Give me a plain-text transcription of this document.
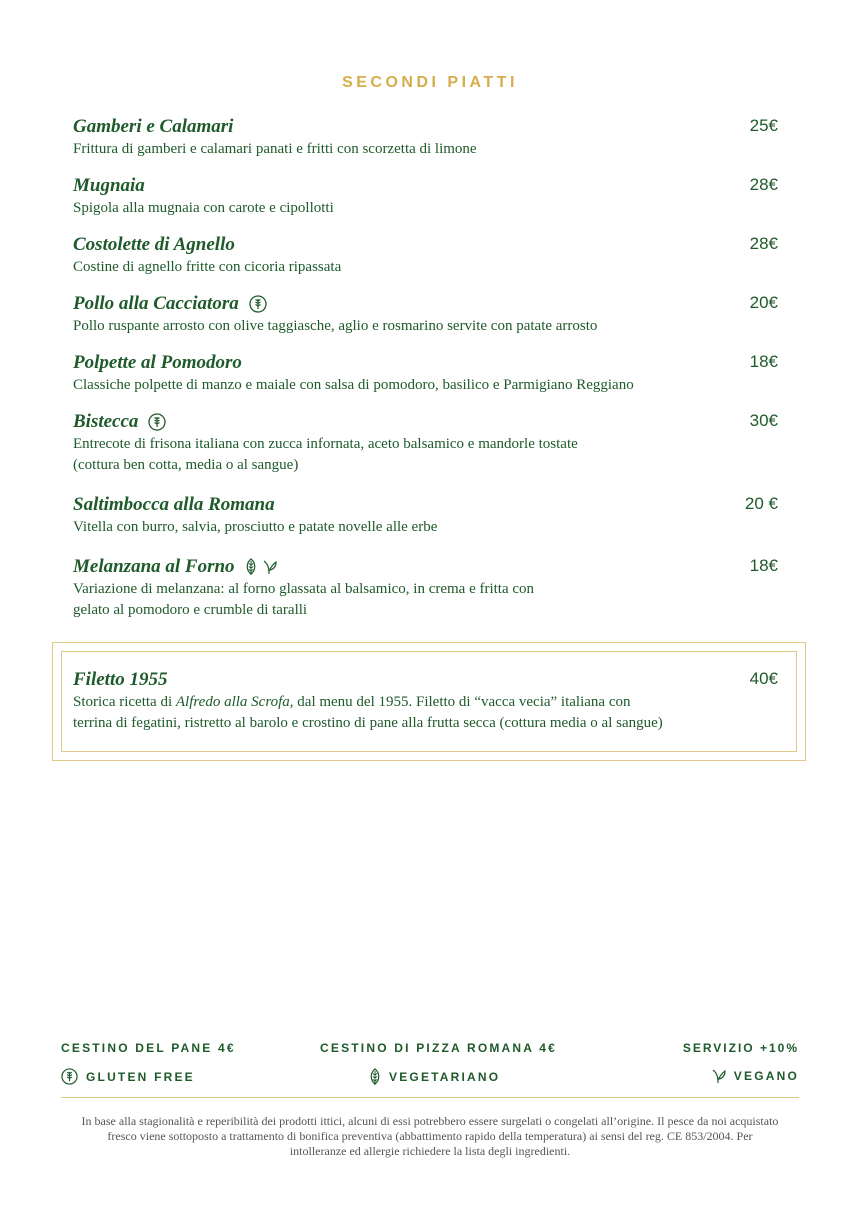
SECONDI PIATTI
Gamberi e Calamari	25€
Frittura di gamberi e calamari panati e fritti con scorzetta di limone
Mugnaia	28€
Spigola alla mugnaia con carote e cipollotti
Costolette di Agnello	28€
Costine di agnello fritte con cicoria ripassata
Pollo alla Cacciatora	20€
Pollo ruspante arrosto con olive taggiasche, aglio e rosmarino servite con patate arrosto
Polpette al Pomodoro	18€
Classiche polpette di manzo e maiale con salsa di pomodoro, basilico e Parmigiano Reggiano
Bistecca	30€
Entrecote di frisona italiana con zucca infornata, aceto balsamico e mandorle tostate
(cottura ben cotta, media o al sangue)
Saltimbocca alla Romana	20 €
Vitella con burro, salvia, prosciutto e patate novelle alle erbe
Melanzana al Forno	18€
Variazione di melanzana: al forno glassata al balsamico, in crema e fritta con
gelato al pomodoro e crumble di taralli
Filetto 1955	40€
Storica ricetta di Alfredo alla Scrofa, dal menu del 1955. Filetto di “vacca vecia” italiana con
terrina di fegatini, ristretto al barolo e crostino di pane alla frutta secca (cottura media o al sangue)
CESTINO DEL PANE 4€	CESTINO DI PIZZA ROMANA 4€	SERVIZIO +10%
GLUTEN FREE	VEGETARIANO	VEGANO
In base alla stagionalità e reperibilità dei prodotti ittici, alcuni di essi potrebbero essere surgelati o congelati all’origine. Il pesce da noi acquistato fresco viene sottoposto a trattamento di bonifica preventiva (abbattimento rapido della temperatura) ai sensi del reg. CE 853/2004. Per intolleranze ed allergie richiedere la lista degli ingredienti.
